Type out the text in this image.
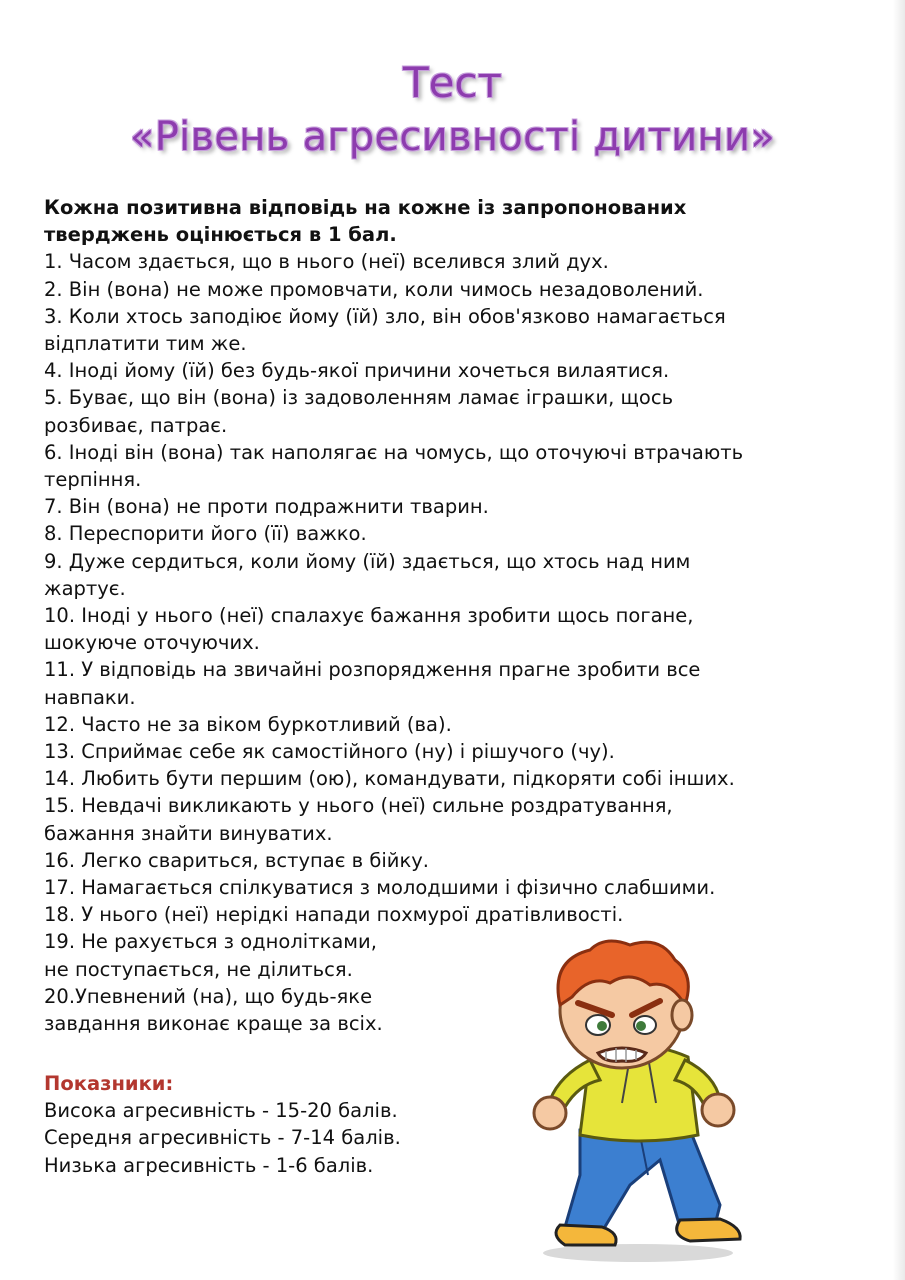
Тест
«Рівень агресивності дитини»
Кожна позитивна відповідь на кожне із запропонованих
тверджень оцінюється в 1 бал.
1. Часом здається, що в нього (неї) вселився злий дух.
2. Він (вона) не може промовчати, коли чимось незадоволений.
3. Коли хтось заподіює йому (їй) зло, він обов'язково намагається
відплатити тим же.
4. Іноді йому (їй) без будь-якої причини хочеться вилаятися.
5. Буває, що він (вона) із задоволенням ламає іграшки, щось
розбиває, патрає.
6. Іноді він (вона) так наполягає на чомусь, що оточуючі втрачають
терпіння.
7. Він (вона) не проти подражнити тварин.
8. Переспорити його (її) важко.
9. Дуже сердиться, коли йому (їй) здається, що хтось над ним
жартує.
10. Іноді у нього (неї) спалахує бажання зробити щось погане,
шокуюче оточуючих.
11. У відповідь на звичайні розпорядження прагне зробити все
навпаки.
12. Часто не за віком буркотливий (ва).
13. Сприймає себе як самостійного (ну) і рішучого (чу).
14. Любить бути першим (ою), командувати, підкоряти собі інших.
15. Невдачі викликають у нього (неї) сильне роздратування,
бажання знайти винуватих.
16. Легко свариться, вступає в бійку.
17. Намагається спілкуватися з молодшими і фізично слабшими.
18. У нього (неї) нерідкі напади похмурої дратівливості.
19. Не рахується з однолітками,
не поступається, не ділиться.
20.Упевнений (на), що будь-яке
завдання виконає краще за всіх.
Показники:
Висока агресивність - 15-20 балів.
Середня агресивність - 7-14 балів.
Низька агресивність - 1-6 балів.
